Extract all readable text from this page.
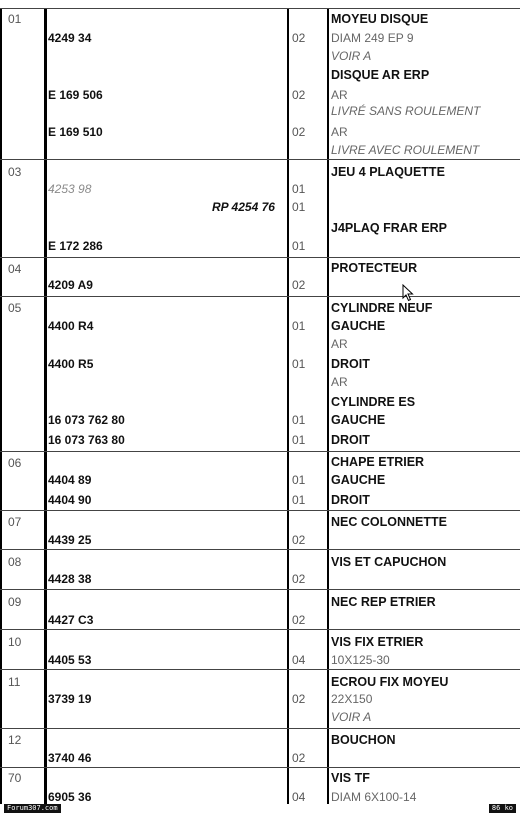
01	MOYEU DISQUE
4249 34	02 DIAM 249 EP 9
VOIR A
DISQUE AR ERP
E 169 506	02 AR
LIVRÉ SANS ROULEMENT
E 169 510	02 AR
LIVRE AVEC ROULEMENT
03	JEU 4 PLAQUETTE
4253 98	01
RP 4254 76 01
J4PLAQ FRAR ERP
E 172 286	01
04	PROTECTEUR
4209 A9	02
05	CYLINDRE NEUF
4400 R4	01 GAUCHE
AR
4400 R5	01 DROIT
AR
CYLINDRE ES
16 073 762 80	01 GAUCHE
16 073 763 80	01 DROIT
06	CHAPE ETRIER
4404 89	01 GAUCHE
4404 90	01 DROIT
07	NEC COLONNETTE
4439 25	02
08	VIS ET CAPUCHON
4428 38	02
09	NEC REP ETRIER
4427 C3	02
10	VIS FIX ETRIER
4405 53	04 10X125-30
11	ECROU FIX MOYEU
3739 19	02 22X150
VOIR A
12	BOUCHON
3740 46	02
70	VIS TF
6905 36	04 DIAM 6X100-14
Forum307.com	86 ko
